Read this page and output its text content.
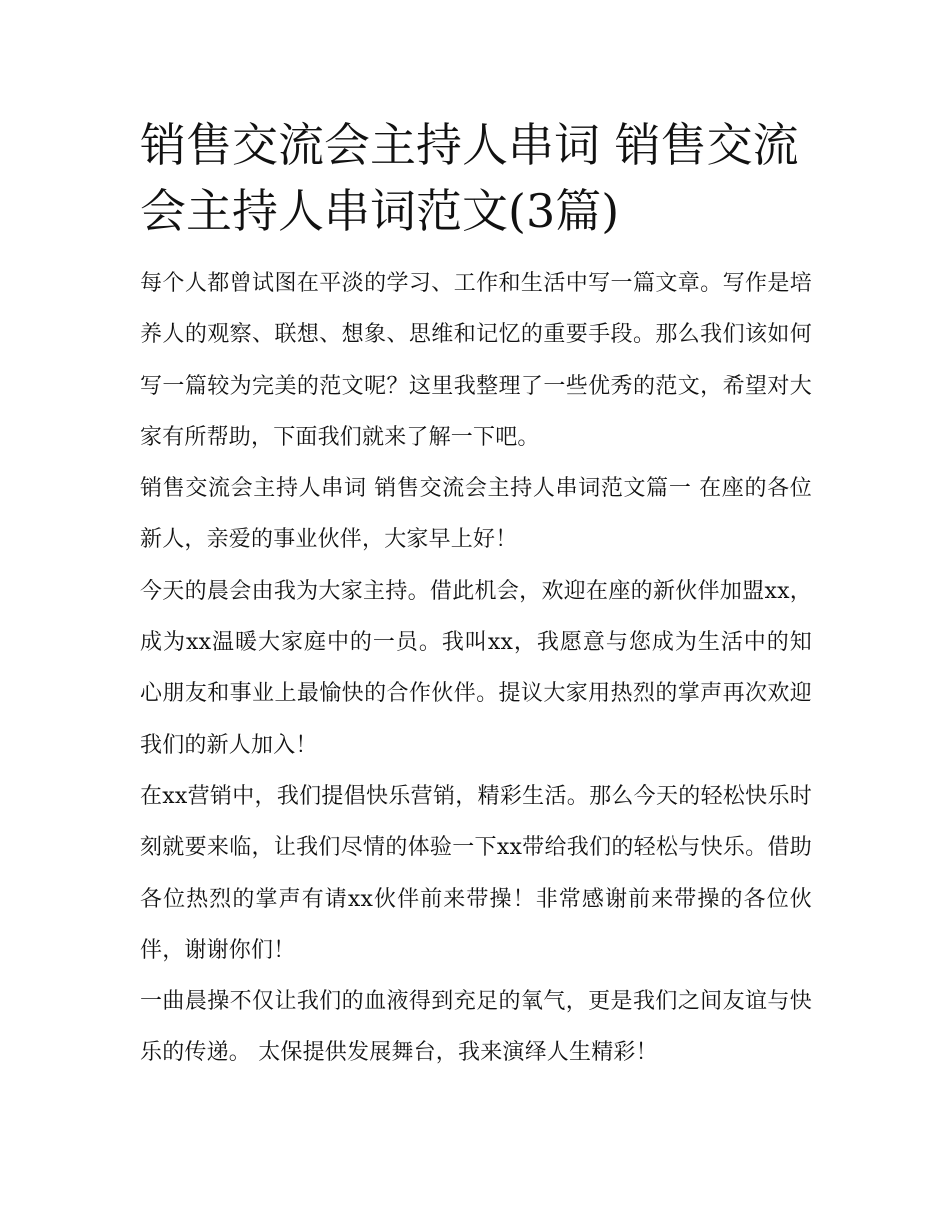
销售交流会主持人串词 销售交流会主持人串词范文(3篇)

每个人都曾试图在平淡的学习、工作和生活中写一篇文章。写作是培养人的观察、联想、想象、思维和记忆的重要手段。那么我们该如何写一篇较为完美的范文呢？这里我整理了一些优秀的范文，希望对大家有所帮助，下面我们就来了解一下吧。

销售交流会主持人串词 销售交流会主持人串词范文篇一 在座的各位新人，亲爱的事业伙伴，大家早上好！

今天的晨会由我为大家主持。借此机会，欢迎在座的新伙伴加盟xx，成为xx温暖大家庭中的一员。我叫xx，我愿意与您成为生活中的知心朋友和事业上最愉快的合作伙伴。提议大家用热烈的掌声再次欢迎我们的新人加入！

在xx营销中，我们提倡快乐营销，精彩生活。那么今天的轻松快乐时刻就要来临，让我们尽情的体验一下xx带给我们的轻松与快乐。借助各位热烈的掌声有请xx伙伴前来带操！非常感谢前来带操的各位伙伴，谢谢你们！

一曲晨操不仅让我们的血液得到充足的氧气，更是我们之间友谊与快乐的传递。 太保提供发展舞台，我来演绎人生精彩！
